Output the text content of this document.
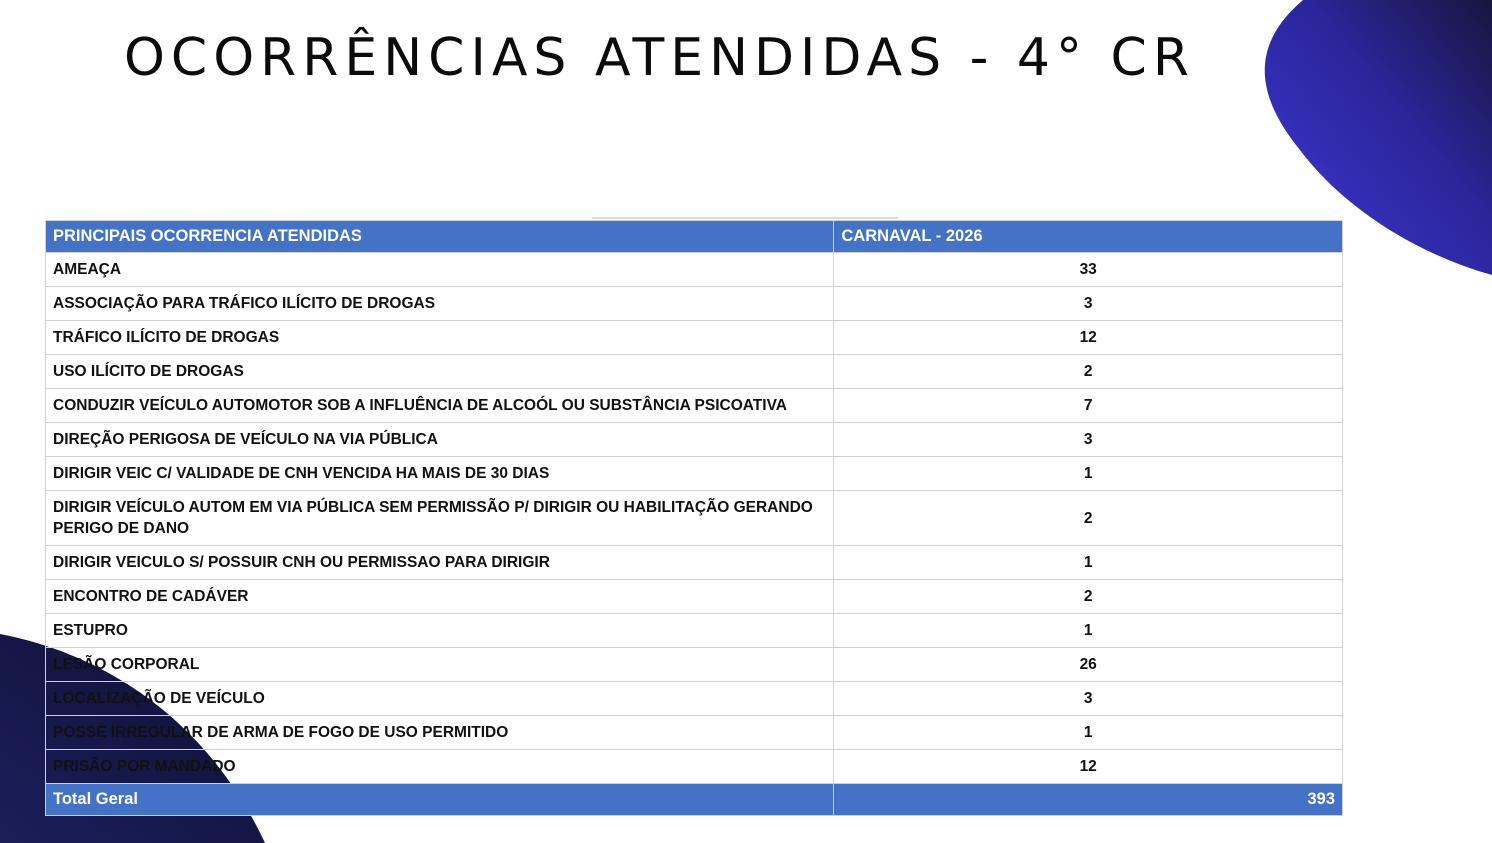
OCORRÊNCIAS ATENDIDAS - 4° CR
PRINCIPAIS OCORRENCIA ATENDIDAS	CARNAVAL - 2026
AMEAÇA	33
ASSOCIAÇÃO PARA TRÁFICO ILÍCITO DE DROGAS	3
TRÁFICO ILÍCITO DE DROGAS	12
USO ILÍCITO DE DROGAS	2
CONDUZIR VEÍCULO AUTOMOTOR SOB A INFLUÊNCIA DE ALCOÓL OU SUBSTÂNCIA PSICOATIVA	7
DIREÇÃO PERIGOSA DE VEÍCULO NA VIA PÚBLICA	3
DIRIGIR VEIC C/ VALIDADE DE CNH VENCIDA HA MAIS DE 30 DIAS	1
DIRIGIR VEÍCULO AUTOM EM VIA PÚBLICA SEM PERMISSÃO P/ DIRIGIR OU HABILITAÇÃO GERANDO PERIGO DE DANO	2
DIRIGIR VEICULO S/ POSSUIR CNH OU PERMISSAO PARA DIRIGIR	1
ENCONTRO DE CADÁVER	2
ESTUPRO	1
LESÃO CORPORAL	26
LOCALIZAÇÃO DE VEÍCULO	3
POSSE IRREGULAR DE ARMA DE FOGO DE USO PERMITIDO	1
PRISÃO POR MANDADO	12
Total Geral	393
